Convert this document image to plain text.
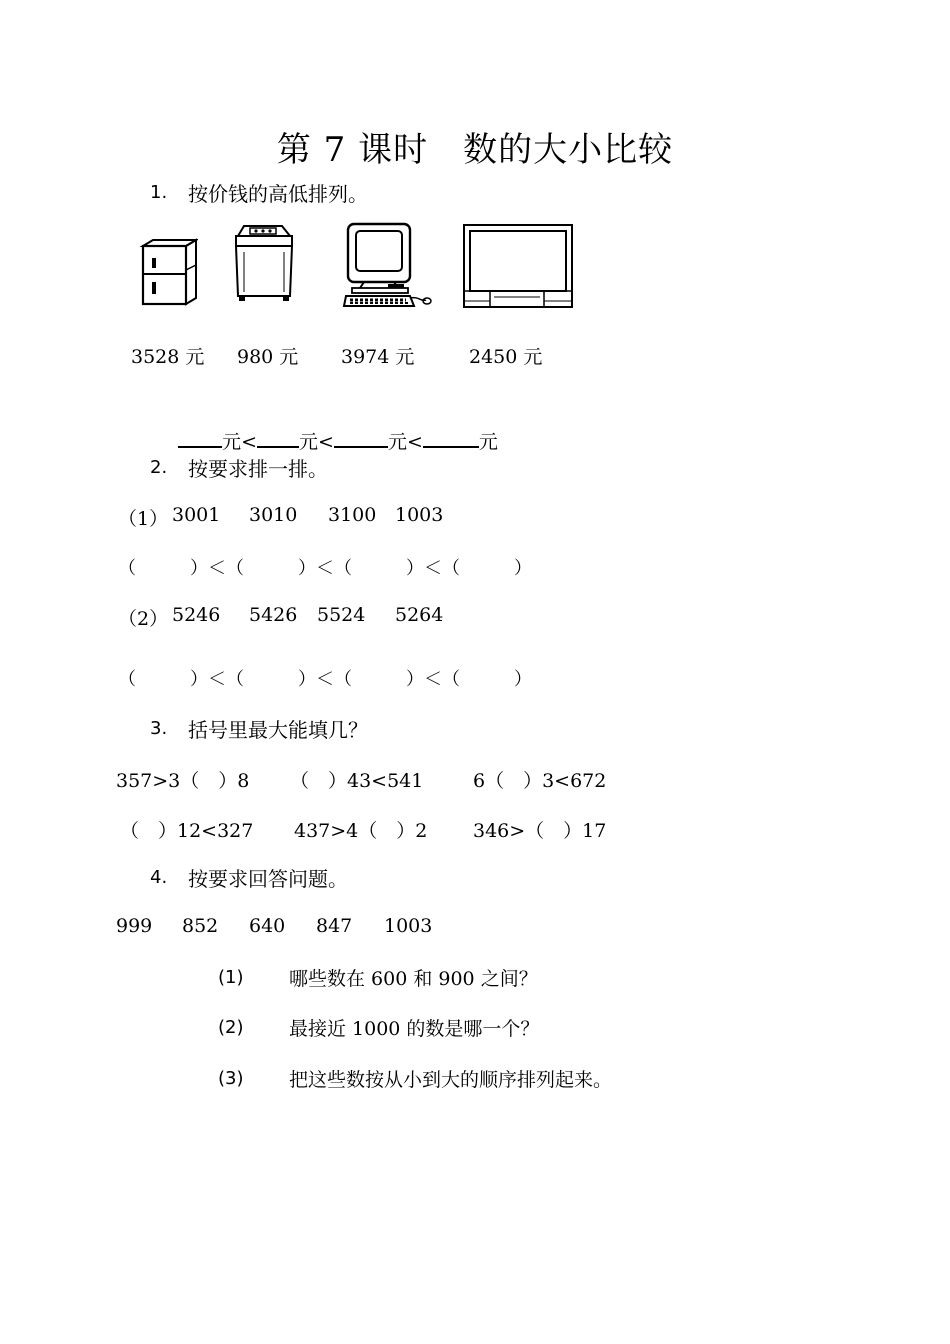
第 7 课时　数的大小比较
1. 按价钱的高低排列。
3528 元 980 元 3974 元	2450 元

元< 元<	元<	元

2. 按要求排一排。
（1） 3001 3010 3100 1003
（　　　）＜（　　　）＜（　　　）＜（　　　）
（2） 5246 5426 5524 5264
（　　　）＜（　　　）＜（　　　）＜（　　　）
3. 括号里最大能填几？
357>3（　）8 （　）43<541	6（　）3<672
（　）12<327 437>4（　）2 346>（　）17
4. 按要求回答问题。
999 852 640 847 1003
(1) 哪些数在 600 和 900 之间？
(2) 最接近 1000 的数是哪一个？
(3) 把这些数按从小到大的顺序排列起来。
